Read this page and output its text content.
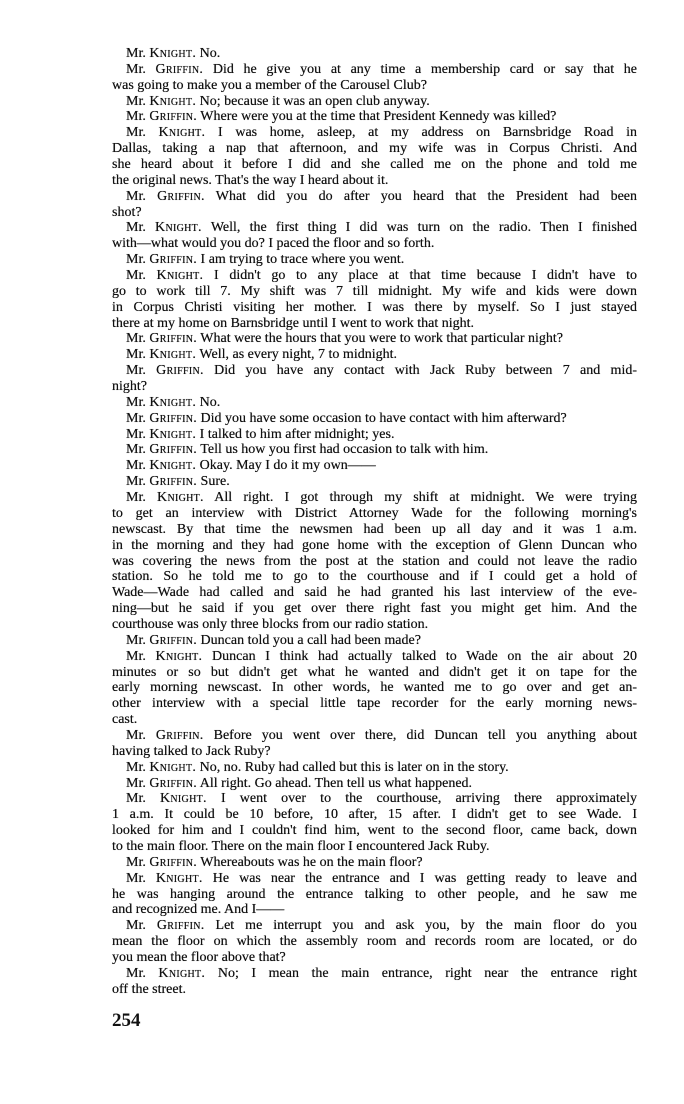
Mr. Knight. No.
Mr. Griffin. Did he give you at any time a membership card or say that he
was going to make you a member of the Carousel Club?
Mr. Knight. No; because it was an open club anyway.
Mr. Griffin. Where were you at the time that President Kennedy was killed?
Mr. Knight. I was home, asleep, at my address on Barnsbridge Road in
Dallas, taking a nap that afternoon, and my wife was in Corpus Christi. And
she heard about it before I did and she called me on the phone and told me
the original news. That's the way I heard about it.
Mr. Griffin. What did you do after you heard that the President had been
shot?
Mr. Knight. Well, the first thing I did was turn on the radio. Then I finished
with—what would you do? I paced the floor and so forth.
Mr. Griffin. I am trying to trace where you went.
Mr. Knight. I didn't go to any place at that time because I didn't have to
go to work till 7. My shift was 7 till midnight. My wife and kids were down
in Corpus Christi visiting her mother. I was there by myself. So I just stayed
there at my home on Barnsbridge until I went to work that night.
Mr. Griffin. What were the hours that you were to work that particular night?
Mr. Knight. Well, as every night, 7 to midnight.
Mr. Griffin. Did you have any contact with Jack Ruby between 7 and mid-
night?
Mr. Knight. No.
Mr. Griffin. Did you have some occasion to have contact with him afterward?
Mr. Knight. I talked to him after midnight; yes.
Mr. Griffin. Tell us how you first had occasion to talk with him.
Mr. Knight. Okay. May I do it my own——
Mr. Griffin. Sure.
Mr. Knight. All right. I got through my shift at midnight. We were trying
to get an interview with District Attorney Wade for the following morning's
newscast. By that time the newsmen had been up all day and it was 1 a.m.
in the morning and they had gone home with the exception of Glenn Duncan who
was covering the news from the post at the station and could not leave the radio
station. So he told me to go to the courthouse and if I could get a hold of
Wade—Wade had called and said he had granted his last interview of the eve-
ning—but he said if you get over there right fast you might get him. And the
courthouse was only three blocks from our radio station.
Mr. Griffin. Duncan told you a call had been made?
Mr. Knight. Duncan I think had actually talked to Wade on the air about 20
minutes or so but didn't get what he wanted and didn't get it on tape for the
early morning newscast. In other words, he wanted me to go over and get an-
other interview with a special little tape recorder for the early morning news-
cast.
Mr. Griffin. Before you went over there, did Duncan tell you anything about
having talked to Jack Ruby?
Mr. Knight. No, no. Ruby had called but this is later on in the story.
Mr. Griffin. All right. Go ahead. Then tell us what happened.
Mr. Knight. I went over to the courthouse, arriving there approximately
1 a.m. It could be 10 before, 10 after, 15 after. I didn't get to see Wade. I
looked for him and I couldn't find him, went to the second floor, came back, down
to the main floor. There on the main floor I encountered Jack Ruby.
Mr. Griffin. Whereabouts was he on the main floor?
Mr. Knight. He was near the entrance and I was getting ready to leave and
he was hanging around the entrance talking to other people, and he saw me
and recognized me. And I——
Mr. Griffin. Let me interrupt you and ask you, by the main floor do you
mean the floor on which the assembly room and records room are located, or do
you mean the floor above that?
Mr. Knight. No; I mean the main entrance, right near the entrance right
off the street.
254
